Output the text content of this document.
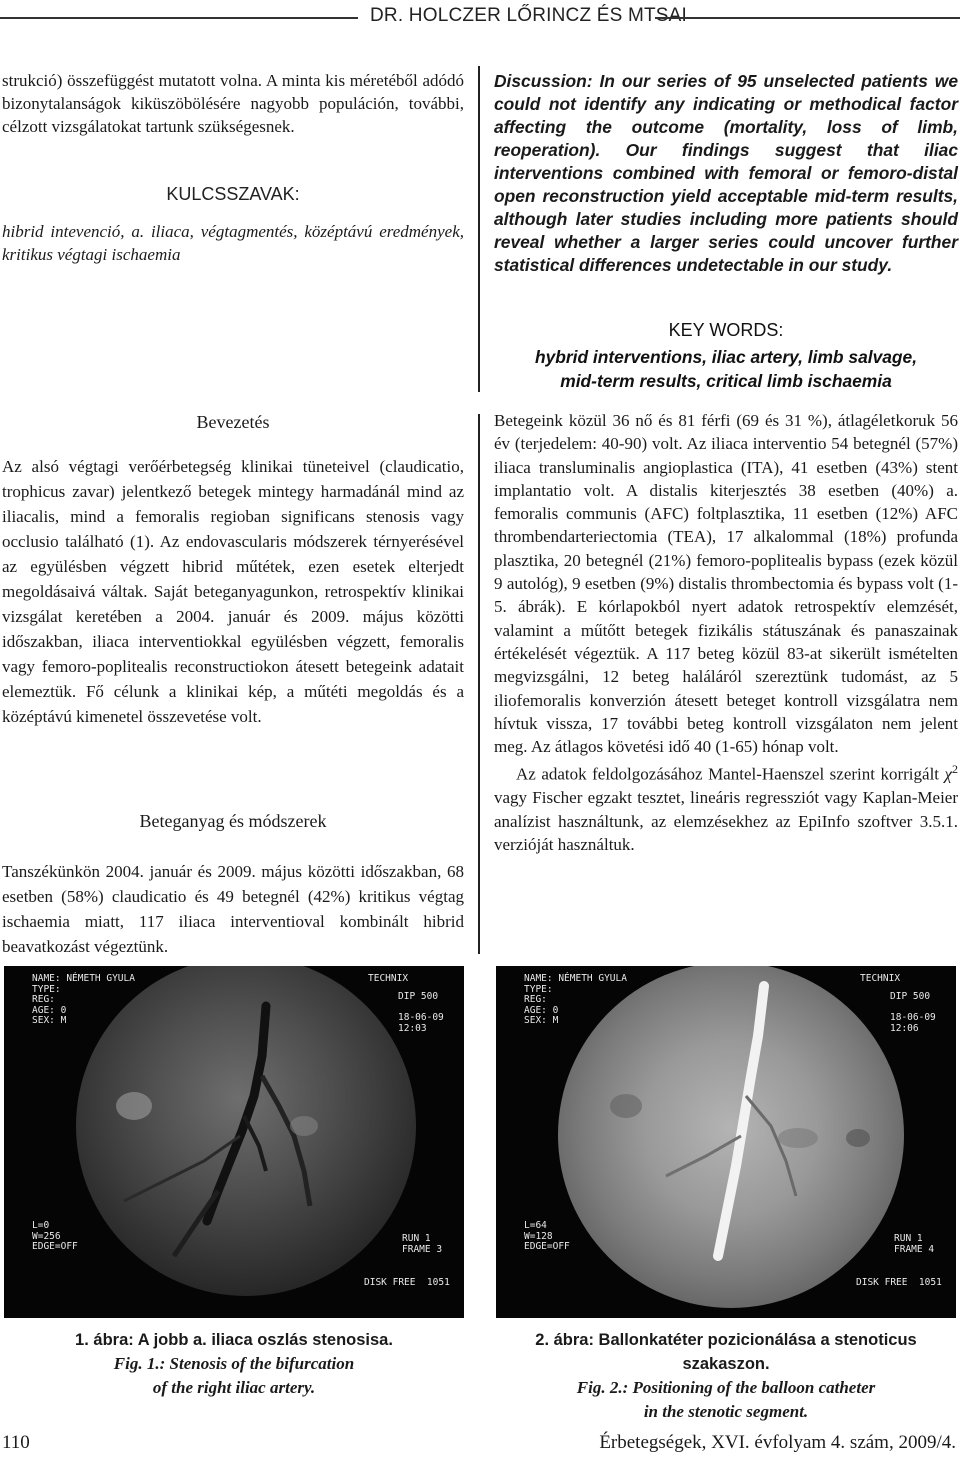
DR. HOLCZER LŐRINCZ ÉS MTSAI

strukció) összefüggést mutatott volna. A minta kis méretéből adódó bizonytalanságok kiküszöbölésére nagyobb populáción, további, célzott vizsgálatokat tartunk szükségesnek.

KULCSSZAVAK:

hibrid intevenció, a. iliaca, végtagmentés, középtávú eredmények, kritikus végtagi ischaemia

Discussion: In our series of 95 unselected patients we could not identify any indicating or methodical factor affecting the outcome (mortality, loss of limb, reoperation). Our findings suggest that iliac interventions combined with femoral or femoro-distal open reconstruction yield acceptable mid-term results, although later studies including more patients should reveal whether a larger series could uncover further statistical differences undetectable in our study.

KEY WORDS:
hybrid interventions, iliac artery, limb salvage,
mid-term results, critical limb ischaemia
Bevezetés

Az alsó végtagi verőérbetegség klinikai tüneteivel (claudicatio, trophicus zavar) jelentkező betegek mintegy harmadánál mind az iliacalis, mind a femoralis regioban significans stenosis vagy occlusio található (1). Az endovascularis módszerek térnyerésével az együlésben végzett hibrid műtétek, ezen esetek elterjedt megoldásaivá váltak. Saját beteganyagunkon, retrospektív klinikai vizsgálat keretében a 2004. január és 2009. május közötti időszakban, iliaca interventiokkal együlésben végzett, femoralis vagy femoro-poplitealis reconstructiokon átesett betegeink adatait elemeztük. Fő célunk a klinikai kép, a műtéti megoldás és a középtávú kimenetel összevetése volt.

Beteganyag és módszerek

Tanszékünkön 2004. január és 2009. május közötti időszakban, 68 esetben (58%) claudicatio és 49 betegnél (42%) kritikus végtag ischaemia miatt, 117 iliaca interventioval kombinált hibrid beavatkozást végeztünk.

Betegeink közül 36 nő és 81 férfi (69 és 31 %), átlagéletkoruk 56 év (terjedelem: 40-90) volt. Az iliaca interventio 54 betegnél (57%) iliaca transluminalis angioplastica (ITA), 41 esetben (43%) stent implantatio volt. A distalis kiterjesztés 38 esetben (40%) a. femoralis communis (AFC) foltplasztika, 11 esetben (12%) AFC thrombendarteriectomia (TEA), 17 alkalommal (18%) profunda plasztika, 20 betegnél (21%) femoro-poplitealis bypass (ezek közül 9 autológ), 9 esetben (9%) distalis thrombectomia és bypass volt (1-5. ábrák). E kórlapokból nyert adatok retrospektív elemzését, valamint a műtőtt betegek fizikális státuszának és panaszainak értékelését végeztük. A 117 beteg közül 83-at sikerült ismételten megvizsgálni, 12 beteg haláláról szereztünk tudomást, az 5 iliofemoralis konverzión átesett beteget kontroll vizsgálatra nem hívtuk vissza, 17 további beteg kontroll vizsgálaton nem jelent meg. Az átlagos követési idő 40 (1-65) hónap volt.

Az adatok feldolgozásához Mantel-Haenszel szerint korrigált $\chi^2$ vagy Fischer egzakt tesztet, lineáris regressziót vagy Kaplan-Meier analízist használtunk, az elemzésekhez az EpiInfo szoftver 3.5.1. verzióját használtuk.

NAME: NÉMETH GYULA
TYPE:
REG:
AGE: 0
SEX: M
TECHNIX
DIP 500

18-06-09
12:03
L=0
W=256
EDGE=OFF
RUN 1
FRAME 3
DISK FREE  1051
NAME: NÉMETH GYULA
TYPE:
REG:
AGE: 0
SEX: M
TECHNIX
DIP 500

18-06-09
12:06
L=64
W=128
EDGE=OFF
RUN 1
FRAME 4
DISK FREE  1051
1. ábra: A jobb a. iliaca oszlás stenosisa.
Fig. 1.: Stenosis of the bifurcation
of the right iliac artery.
2. ábra: Ballonkatéter pozicionálása a stenoticus szakaszon.
Fig. 2.: Positioning of the balloon catheter
in the stenotic segment.
110	Érbetegségek, XVI. évfolyam 4. szám, 2009/4.
